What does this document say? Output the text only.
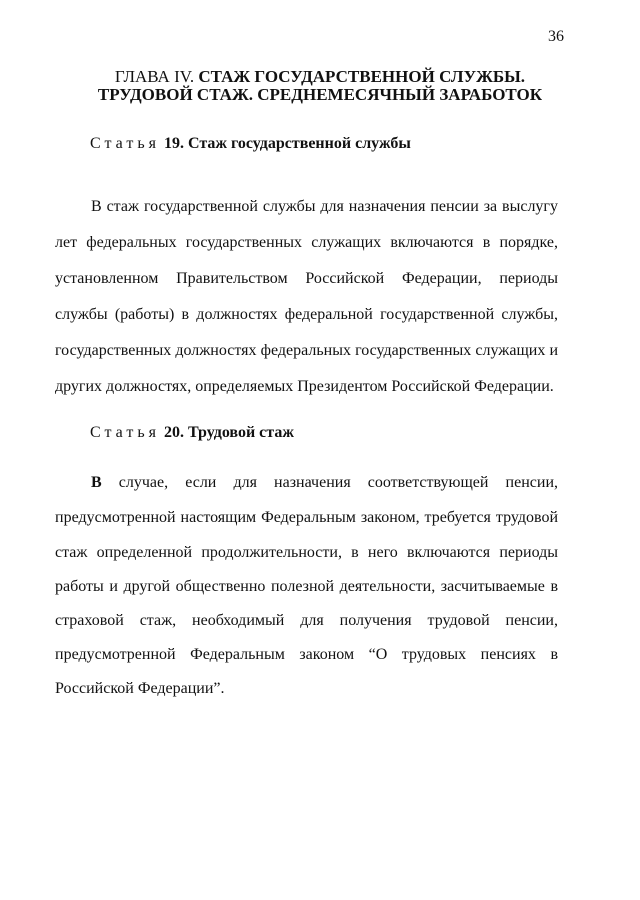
36
ГЛАВА IV. СТАЖ ГОСУДАРСТВЕННОЙ СЛУЖБЫ.
ТРУДОВОЙ СТАЖ. СРЕДНЕМЕСЯЧНЫЙ ЗАРАБОТОК
Статья 19. Стаж государственной службы
В стаж государственной службы для назначения пенсии за выслугу
лет федеральных государственных служащих включаются в порядке,
установленном Правительством Российской Федерации, периоды
службы (работы) в должностях федеральной государственной службы,
государственных должностях федеральных государственных служащих и
других должностях, определяемых Президентом Российской Федерации.
Статья 20. Трудовой стаж
В случае, если для назначения соответствующей пенсии,
предусмотренной настоящим Федеральным законом, требуется трудовой
стаж определенной продолжительности, в него включаются периоды
работы и другой общественно полезной деятельности, засчитываемые в
страховой стаж, необходимый для получения трудовой пенсии,
предусмотренной Федеральным законом “О трудовых пенсиях в
Российской Федерации”.
